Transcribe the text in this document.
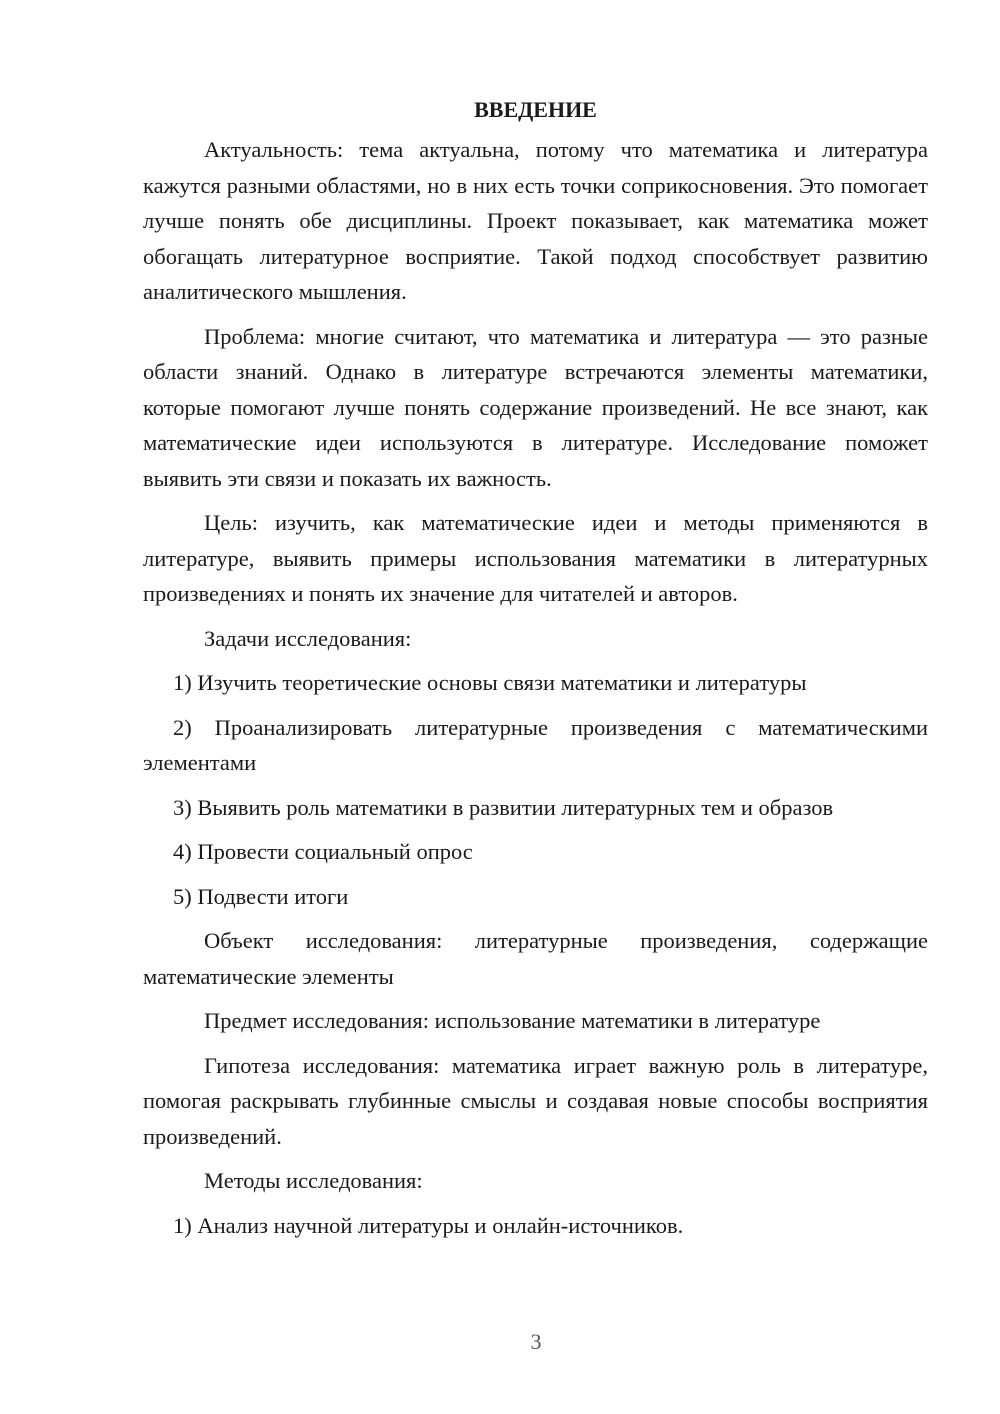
ВВЕДЕНИЕ

Актуальность: тема актуальна, потому что математика и литература кажутся разными областями, но в них есть точки соприкосновения. Это помогает лучше понять обе дисциплины. Проект показывает, как математика может обогащать литературное восприятие. Такой подход способствует развитию аналитического мышления.

Проблема: многие считают, что математика и литература — это разные области знаний. Однако в литературе встречаются элементы математики, которые помогают лучше понять содержание произведений. Не все знают, как математические идеи используются в литературе. Исследование поможет выявить эти связи и показать их важность.

Цель: изучить, как математические идеи и методы применяются в литературе, выявить примеры использования математики в литературных произведениях и понять их значение для читателей и авторов.

Задачи исследования:

1) Изучить теоретические основы связи математики и литературы

2) Проанализировать литературные произведения с математическими элементами

3) Выявить роль математики в развитии литературных тем и образов

4) Провести социальный опрос

5) Подвести итоги

Объект исследования: литературные произведения, содержащие математические элементы

Предмет исследования: использование математики в литературе

Гипотеза исследования: математика играет важную роль в литературе, помогая раскрывать глубинные смыслы и создавая новые способы восприятия произведений.

Методы исследования:

1) Анализ научной литературы и онлайн-источников.

3
